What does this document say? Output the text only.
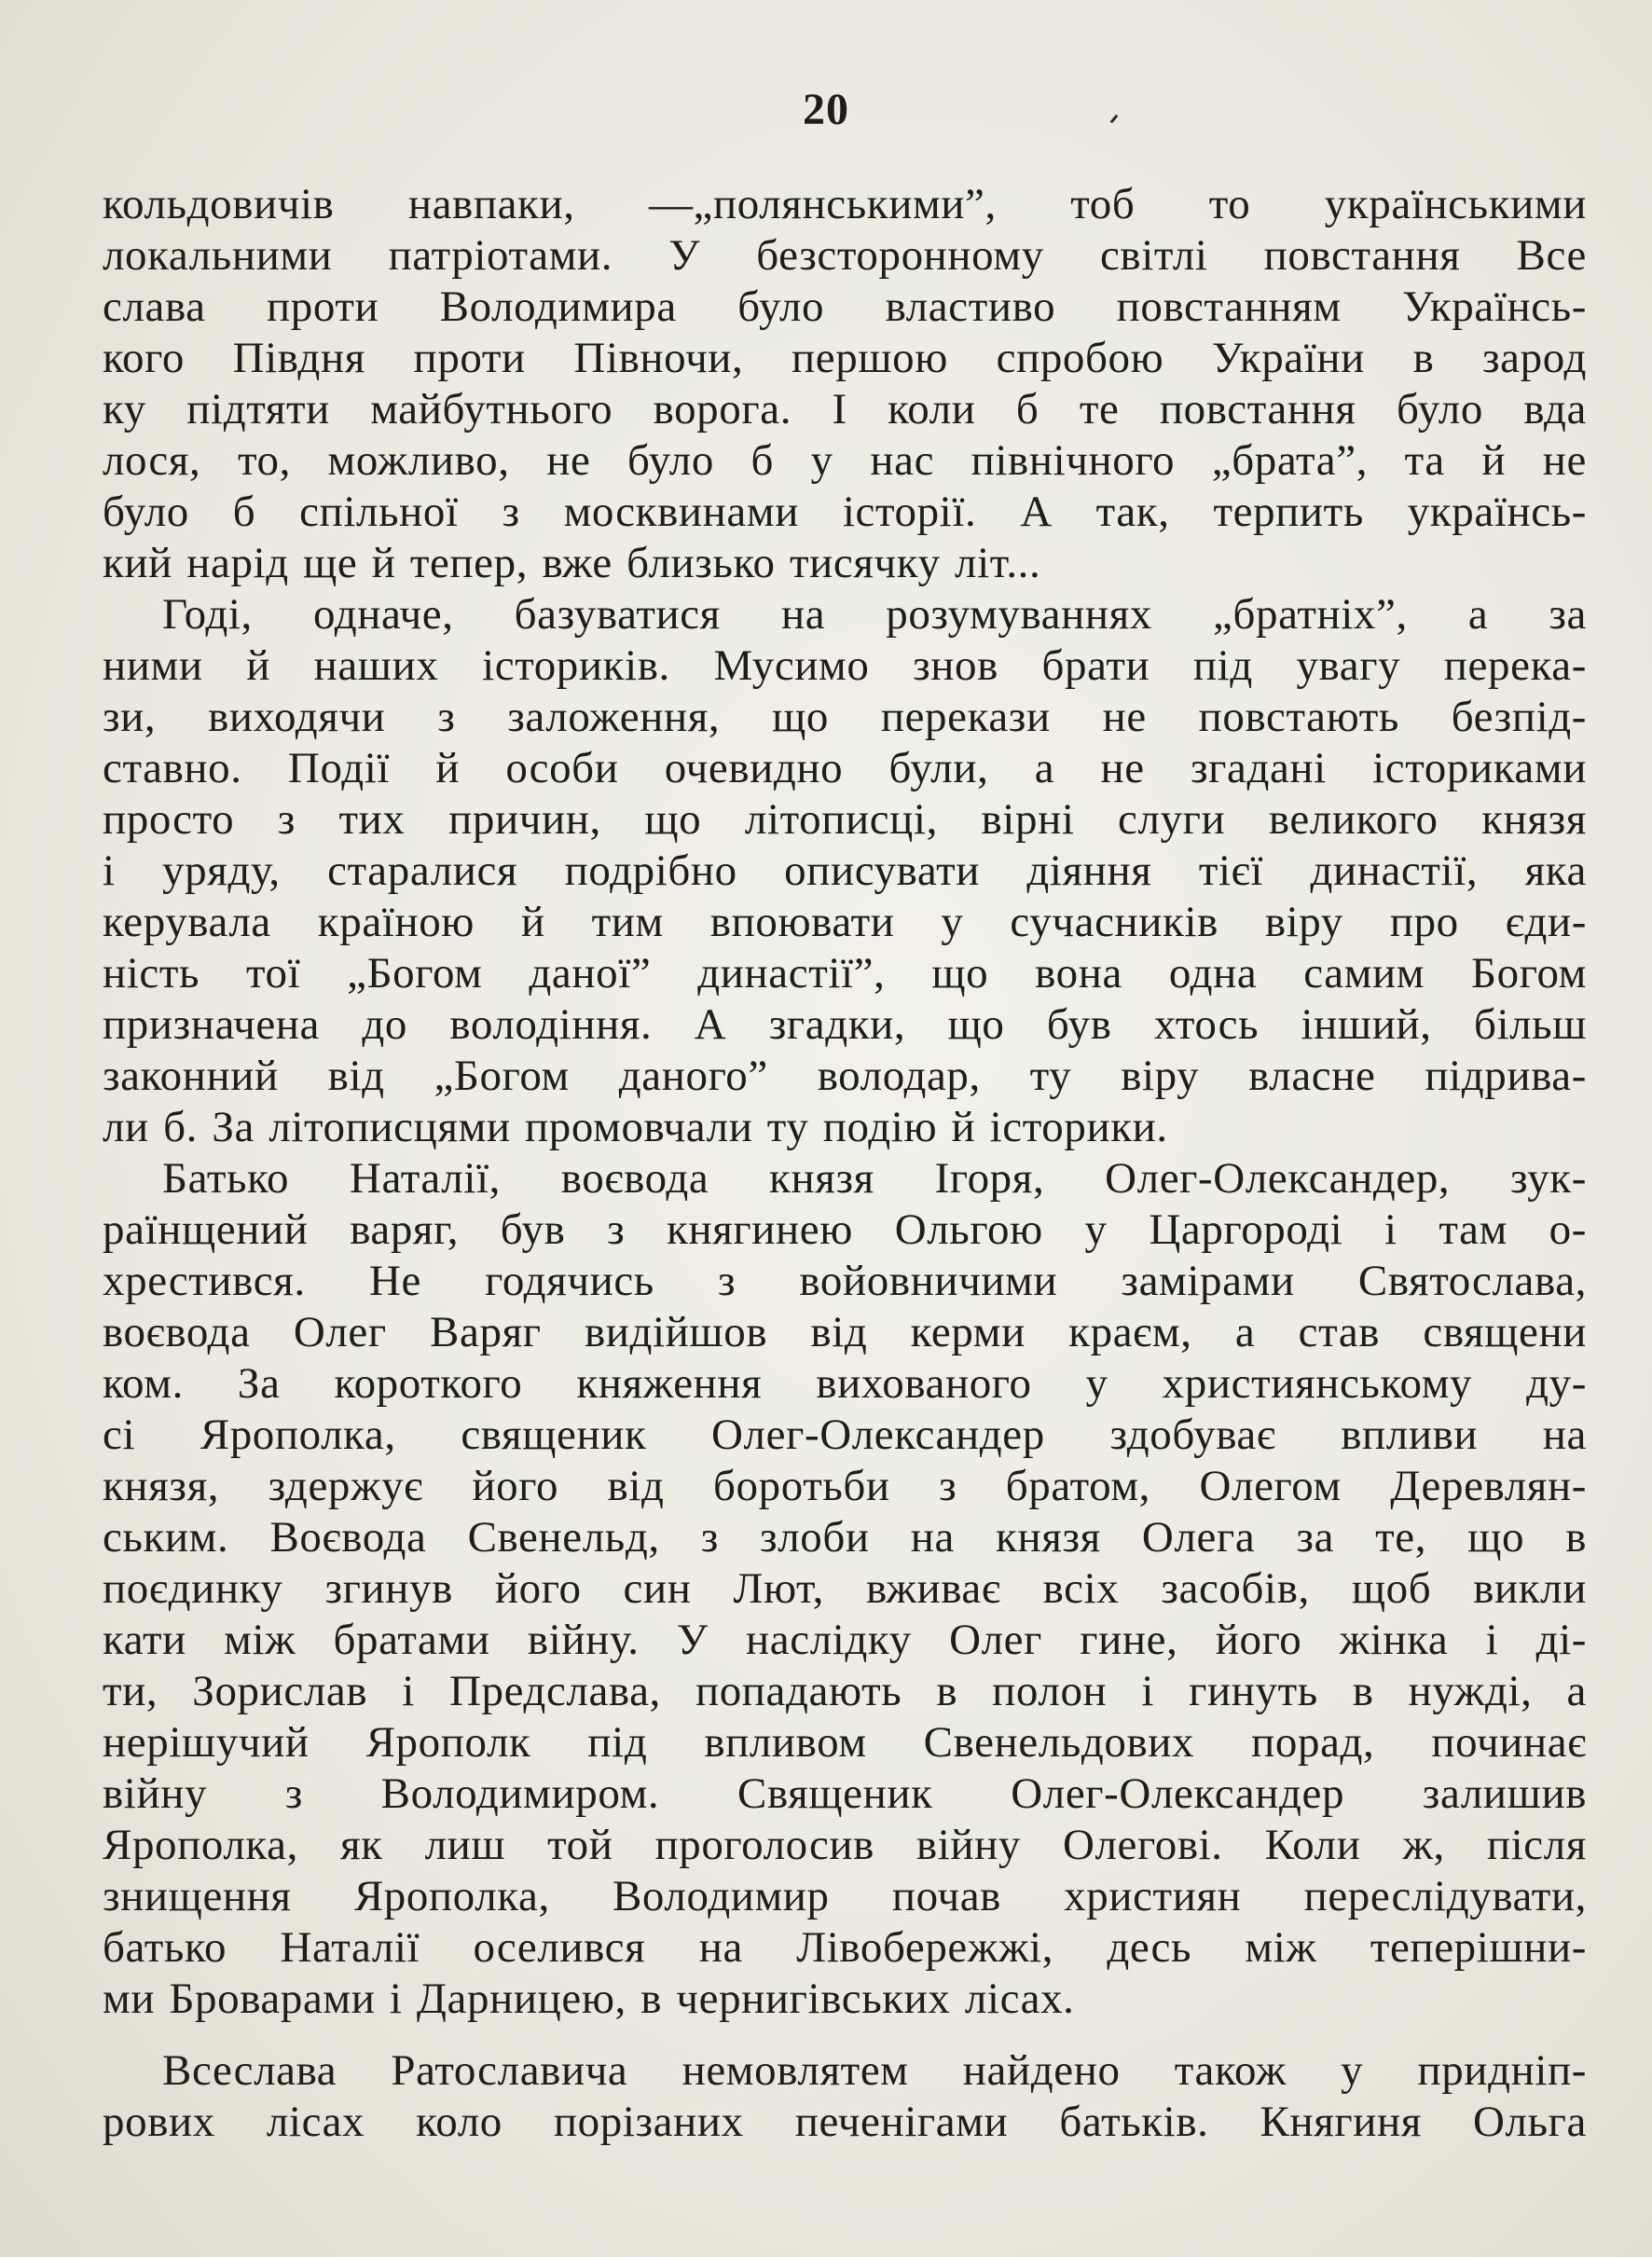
20
кольдовичів навпаки, —„полянськими”, тоб то українськими
локальними патріотами. У безсторонному світлі повстання Все
слава проти Володимира було властиво повстанням Українсь-
кого Півдня проти Півночи, першою спробою України в зарод
ку підтяти майбутнього ворога. І коли б те повстання було вда
лося, то, можливо, не було б у нас північного „брата”, та й не
було б спільної з москвинами історії. А так, терпить українсь-
кий нарід ще й тепер, вже близько тисячку літ...
Годі, одначе, базуватися на розумуваннях „братніх”, а за
ними й наших істориків. Мусимо знов брати під увагу перека-
зи, виходячи з заложення, що перекази не повстають безпід-
ставно. Події й особи очевидно були, а не згадані істориками
просто з тих причин, що літописці, вірні слуги великого князя
і уряду, старалися подрібно описувати діяння тієї династії, яка
керувала країною й тим впоювати у сучасників віру про єди-
ність тої „Богом даної” династії”, що вона одна самим Богом
призначена до володіння. А згадки, що був хтось інший, більш
законний від „Богом даного” володар, ту віру власне підрива-
ли б. За літописцями промовчали ту подію й історики.
Батько Наталії, воєвода князя Ігоря, Олег-Олександер, зук-
раїнщений варяг, був з княгинею Ольгою у Царгороді і там о-
хрестився. Не годячись з войовничими замірами Святослава,
воєвода Олег Варяг видійшов від керми краєм, а став священи
ком. За короткого княження вихованого у християнському ду-
сі Ярополка, священик Олег-Олександер здобуває впливи на
князя, здержує його від боротьби з братом, Олегом Деревлян-
ським. Воєвода Свенельд, з злоби на князя Олега за те, що в
поєдинку згинув його син Лют, вживає всіх засобів, щоб викли
кати між братами війну. У наслідку Олег гине, його жінка і ді-
ти, Зорислав і Предслава, попадають в полон і гинуть в нужді, а
нерішучий Ярополк під впливом Свенельдових порад, починає
війну з Володимиром. Священик Олег-Олександер залишив
Ярополка, як лиш той проголосив війну Олегові. Коли ж, після
знищення Ярополка, Володимир почав християн переслідувати,
батько Наталії оселився на Лівобережжі, десь між теперішни-
ми Броварами і Дарницею, в чернигівських лісах.
Всеслава Ратославича немовлятем найдено також у придніп-
рових лісах коло порізаних печенігами батьків. Княгиня Ольга
